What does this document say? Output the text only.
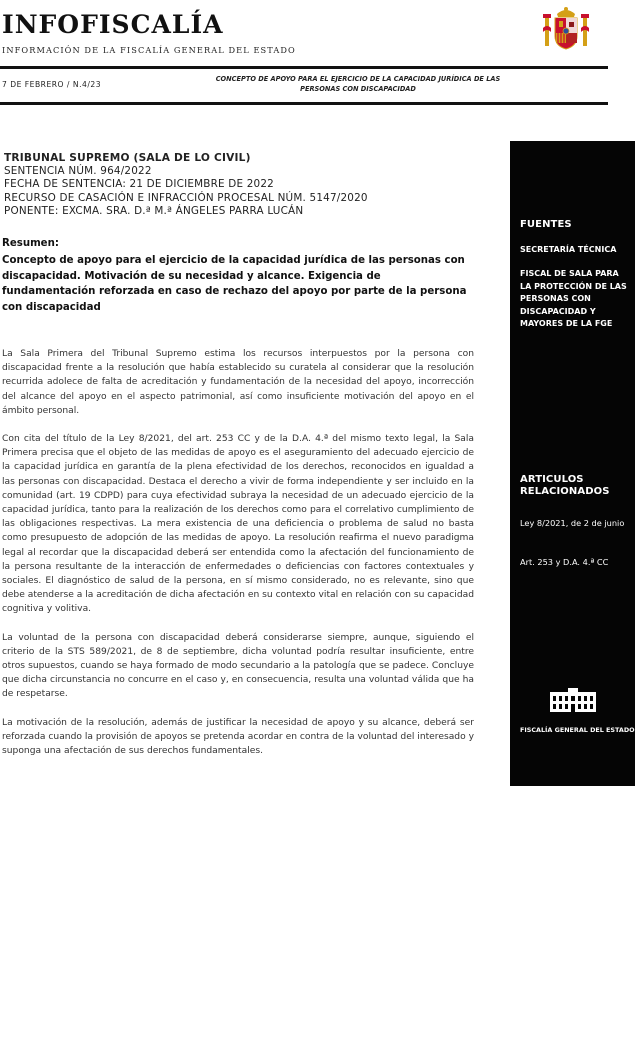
INFOFISCALÍA
INFORMACIÓN DE LA FISCALÍA GENERAL DEL ESTADO
7 DE FEBRERO / N.4/23
CONCEPTO DE APOYO PARA EL EJERCICIO DE LA CAPACIDAD JURÍDICA DE LAS PERSONAS CON DISCAPACIDAD
TRIBUNAL SUPREMO (SALA DE LO CIVIL)
SENTENCIA NÚM. 964/2022
FECHA DE SENTENCIA: 21 DE DICIEMBRE DE 2022
RECURSO DE CASACIÓN E INFRACCIÓN PROCESAL NÚM. 5147/2020
PONENTE: EXCMA. SRA. D.ª M.ª ÁNGELES PARRA LUCÁN
Resumen:
Concepto de apoyo para el ejercicio de la capacidad jurídica de las personas con discapacidad. Motivación de su necesidad y alcance. Exigencia de fundamentación reforzada en caso de rechazo del apoyo por parte de la persona con discapacidad

La Sala Primera del Tribunal Supremo estima los recursos interpuestos por la persona con discapacidad frente a la resolución que había establecido su curatela al considerar que la resolución recurrida adolece de falta de acreditación y fundamentación de la necesidad del apoyo, incorrección del alcance del apoyo en el aspecto patrimonial, así como insuficiente motivación del apoyo en el ámbito personal.

Con cita del título de la Ley 8/2021, del art. 253 CC y de la D.A. 4.ª del mismo texto legal, la Sala Primera precisa que el objeto de las medidas de apoyo es el aseguramiento del adecuado ejercicio de la capacidad jurídica en garantía de la plena efectividad de los derechos, reconocidos en igualdad a las personas con discapacidad. Destaca el derecho a vivir de forma independiente y ser incluido en la comunidad (art. 19 CDPD) para cuya efectividad subraya la necesidad de un adecuado ejercicio de la capacidad jurídica, tanto para la realización de los derechos como para el correlativo cumplimiento de las obligaciones respectivas. La mera existencia de una deficiencia o problema de salud no basta como presupuesto de adopción de las medidas de apoyo. La resolución reafirma el nuevo paradigma legal al recordar que la discapacidad deberá ser entendida como la afectación del funcionamiento de la persona resultante de la interacción de enfermedades o deficiencias con factores contextuales y sociales. El diagnóstico de salud de la persona, en sí mismo considerado, no es relevante, sino que debe atenderse a la acreditación de dicha afectación en su contexto vital en relación con su capacidad cognitiva y volitiva.

La voluntad de la persona con discapacidad deberá considerarse siempre, aunque, siguiendo el criterio de la STS 589/2021, de 8 de septiembre, dicha voluntad podría resultar insuficiente, entre otros supuestos, cuando se haya formado de modo secundario a la patología que se padece. Concluye que dicha circunstancia no concurre en el caso y, en consecuencia, resulta una voluntad válida que ha de respetarse.

La motivación de la resolución, además de justificar la necesidad de apoyo y su alcance, deberá ser reforzada cuando la provisión de apoyos se pretenda acordar en contra de la voluntad del interesado y suponga una afectación de sus derechos fundamentales.

FUENTES
SECRETARÍA TÉCNICA
FISCAL DE SALA PARA LA PROTECCIÓN DE LAS PERSONAS CON DISCAPACIDAD Y MAYORES DE LA FGE
ARTICULOS RELACIONADOS
Ley 8/2021, de 2 de junio
Art. 253 y D.A. 4.ª CC
FISCALÍA GENERAL DEL ESTADO
